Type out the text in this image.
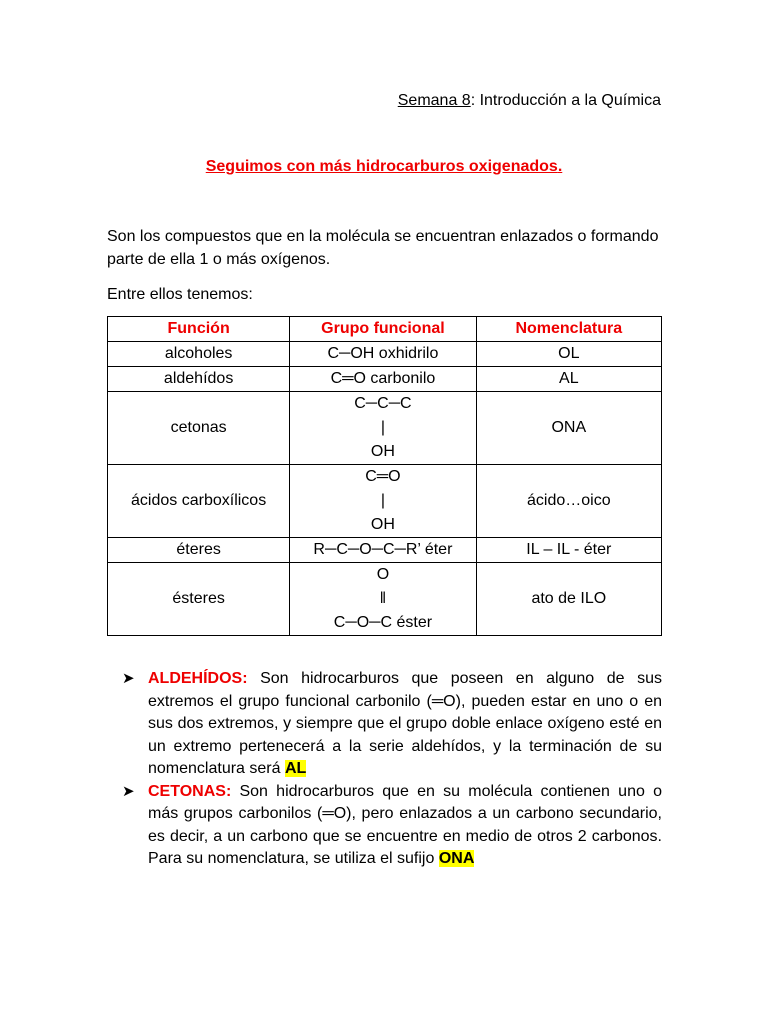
Semana 8: Introducción a la Química
Seguimos con más hidrocarburos oxigenados.
Son los compuestos que en la molécula se encuentran enlazados o formando parte de ella 1 o más oxígenos.
Entre ellos tenemos:
Función	Grupo funcional	Nomenclatura
alcoholes	C─OH oxhidrilo	OL
aldehídos	C═O carbonilo	AL
cetonas	C─C─C
|
OH	ONA
ácidos carboxílicos	C═O
|
OH	ácido…oico
éteres	R─C─O─C─R’ éter	IL – IL - éter
ésteres	O
‖
C─O─C éster	ato de ILO
➤ ALDEHÍDOS: Son hidrocarburos que poseen en alguno de sus extremos el grupo funcional carbonilo (═O), pueden estar en uno o en sus dos extremos, y siempre que el grupo doble enlace oxígeno esté en un extremo pertenecerá a la serie aldehídos, y la terminación de su nomenclatura será AL
➤ CETONAS: Son hidrocarburos que en su molécula contienen uno o más grupos carbonilos (═O), pero enlazados a un carbono secundario, es decir, a un carbono que se encuentre en medio de otros 2 carbonos. Para su nomenclatura, se utiliza el sufijo ONA
